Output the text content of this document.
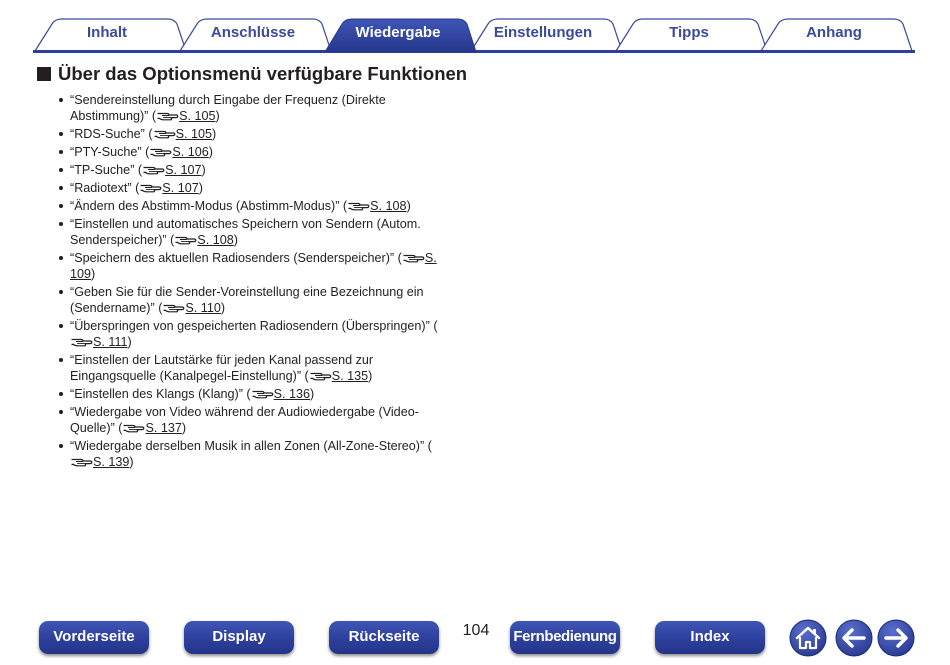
Inhalt	Anschlüsse	Wiedergabe	Einstellungen	Tipps	Anhang
Über das Optionsmenü verfügbare Funktionen
“Sendereinstellung durch Eingabe der Frequenz (Direkte Abstimmung)” ( S. 105)
“RDS-Suche” ( S. 105)
“PTY-Suche” ( S. 106)
“TP-Suche” ( S. 107)
“Radiotext” ( S. 107)
“Ändern des Abstimm-Modus (Abstimm-Modus)” ( S. 108)
“Einstellen und automatisches Speichern von Sendern (Autom. Senderspeicher)” ( S. 108)
“Speichern des aktuellen Radiosenders (Senderspeicher)” ( S. 109)
“Geben Sie für die Sender-Voreinstellung eine Bezeichnung ein (Sendername)” ( S. 110)
“Überspringen von gespeicherten Radiosendern (Überspringen)” (S. 111)
“Einstellen der Lautstärke für jeden Kanal passend zur Eingangsquelle (Kanalpegel-Einstellung)” ( S. 135)
“Einstellen des Klangs (Klang)” ( S. 136)
“Wiedergabe von Video während der Audiowiedergabe (Video-Quelle)” ( S. 137)
“Wiedergabe derselben Musik in allen Zonen (All-Zone-Stereo)” (S. 139)
Vorderseite	Display	Rückseite	104	Fernbedienung	Index
